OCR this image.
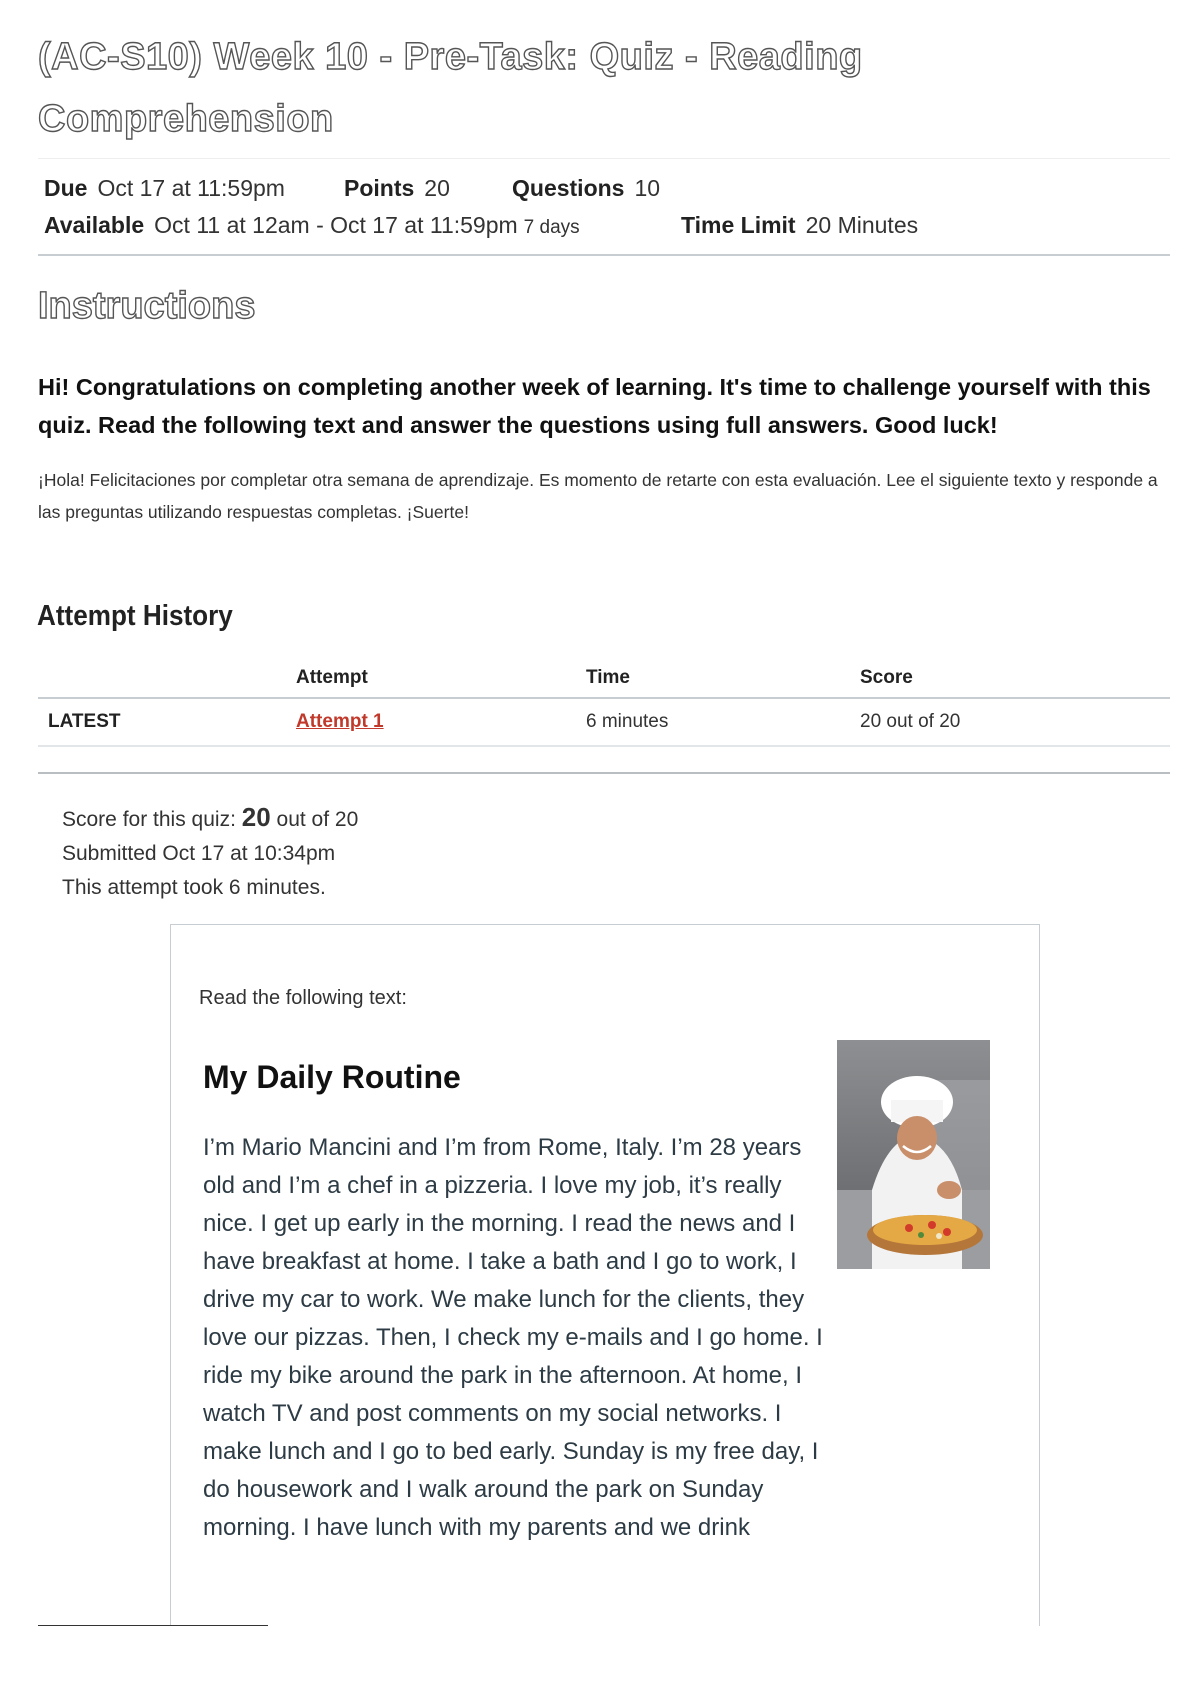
(AC-S10) Week 10 - Pre-Task: Quiz - Reading
Comprehension
Due Oct 17 at 11:59pm	Points 20	Questions 10
Available Oct 11 at 12am - Oct 17 at 11:59pm 7 days	Time Limit 20 Minutes
Instructions

Hi! Congratulations on completing another week of learning. It's time to challenge yourself with this quiz. Read the following text and answer the questions using full answers. Good luck!

¡Hola! Felicitaciones por completar otra semana de aprendizaje. Es momento de retarte con esta evaluación. Lee el siguiente texto y responde a las preguntas utilizando respuestas completas. ¡Suerte!

Attempt History
	Attempt	Time	Score
LATEST	Attempt 1	6 minutes	20 out of 20
Score for this quiz: 20 out of 20
Submitted Oct 17 at 10:34pm
This attempt took 6 minutes.
Read the following text:
My Daily Routine

I’m Mario Mancini and I’m from Rome, Italy. I’m 28 years old and I’m a chef in a pizzeria. I love my job, it’s really nice. I get up early in the morning. I read the news and I have breakfast at home. I take a bath and I go to work, I drive my car to work. We make lunch for the clients, they love our pizzas. Then, I check my e-mails and I go home. I ride my bike around the park in the afternoon. At home, I watch TV and post comments on my social networks. I make lunch and I go to bed early. Sunday is my free day, I do housework and I walk around the park on Sunday morning. I have lunch with my parents and we drink
